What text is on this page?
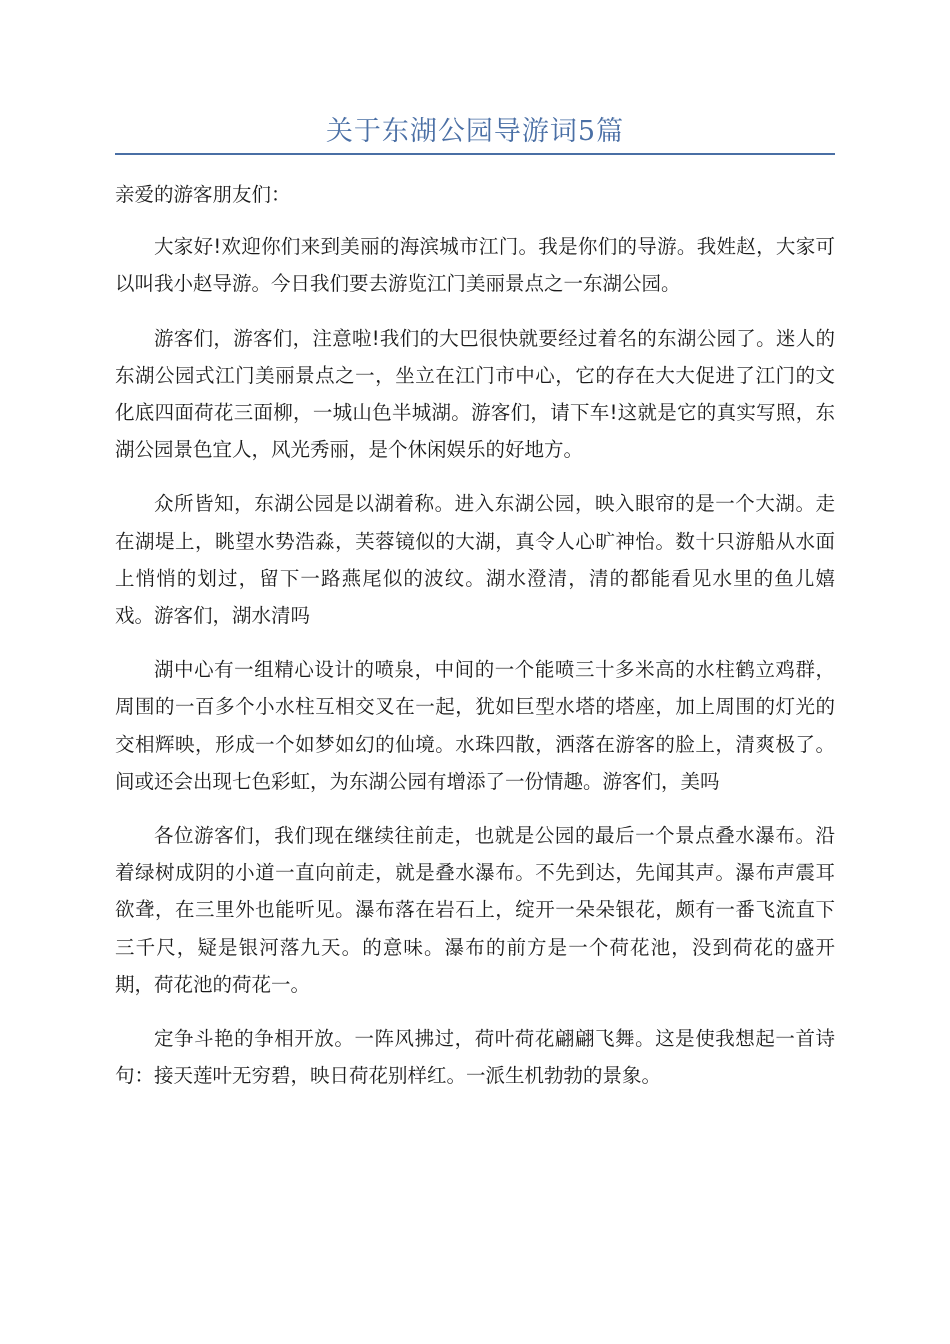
关于东湖公园导游词5篇

亲爱的游客朋友们：

大家好!欢迎你们来到美丽的海滨城市江门。我是你们的导游。我姓赵，大家可以叫我小赵导游。今日我们要去游览江门美丽景点之一东湖公园。

游客们，游客们，注意啦!我们的大巴很快就要经过着名的东湖公园了。迷人的东湖公园式江门美丽景点之一，坐立在江门市中心，它的存在大大促进了江门的文化底四面荷花三面柳，一城山色半城湖。游客们，请下车!这就是它的真实写照，东湖公园景色宜人，风光秀丽，是个休闲娱乐的好地方。

众所皆知，东湖公园是以湖着称。进入东湖公园，映入眼帘的是一个大湖。走在湖堤上，眺望水势浩淼，芙蓉镜似的大湖，真令人心旷神怡。数十只游船从水面上悄悄的划过，留下一路燕尾似的波纹。湖水澄清，清的都能看见水里的鱼儿嬉戏。游客们，湖水清吗

湖中心有一组精心设计的喷泉，中间的一个能喷三十多米高的水柱鹤立鸡群，周围的一百多个小水柱互相交叉在一起，犹如巨型水塔的塔座，加上周围的灯光的交相辉映，形成一个如梦如幻的仙境。水珠四散，洒落在游客的脸上，清爽极了。间或还会出现七色彩虹，为东湖公园有增添了一份情趣。游客们，美吗

各位游客们，我们现在继续往前走，也就是公园的最后一个景点叠水瀑布。沿着绿树成阴的小道一直向前走，就是叠水瀑布。不先到达，先闻其声。瀑布声震耳欲聋，在三里外也能听见。瀑布落在岩石上，绽开一朵朵银花，颇有一番飞流直下三千尺，疑是银河落九天。的意味。瀑布的前方是一个荷花池，没到荷花的盛开期，荷花池的荷花一。

定争斗艳的争相开放。一阵风拂过，荷叶荷花翩翩飞舞。这是使我想起一首诗句：接天莲叶无穷碧，映日荷花别样红。一派生机勃勃的景象。
